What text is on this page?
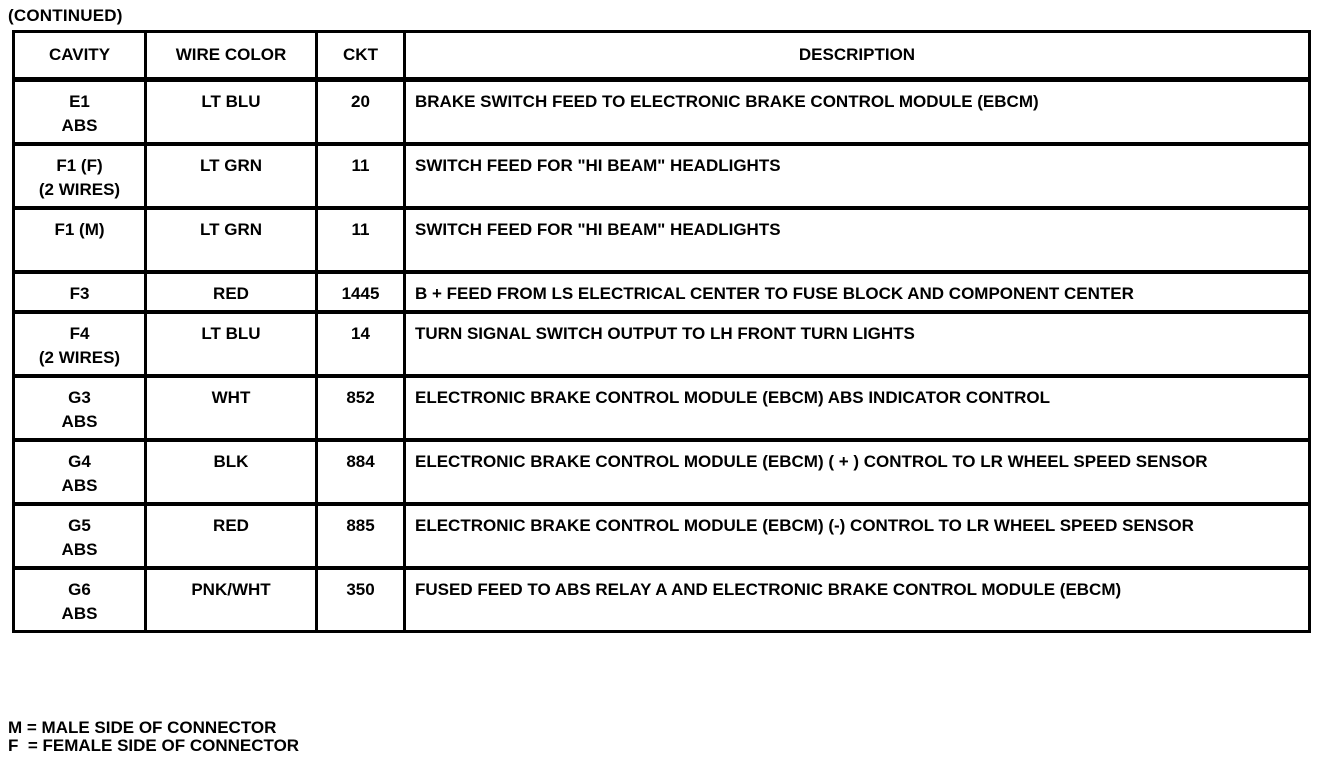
(CONTINUED)
CAVITY	WIRE COLOR	CKT	DESCRIPTION

E1
ABS	LT BLU	20	BRAKE SWITCH FEED TO ELECTRONIC BRAKE CONTROL MODULE (EBCM)

F1 (F)
(2 WIRES)	LT GRN	11	SWITCH FEED FOR "HI BEAM" HEADLIGHTS

F1 (M)	LT GRN	11	SWITCH FEED FOR "HI BEAM" HEADLIGHTS

F3	RED	1445	B + FEED FROM LS ELECTRICAL CENTER TO FUSE BLOCK AND COMPONENT CENTER

F4
(2 WIRES)	LT BLU	14	TURN SIGNAL SWITCH OUTPUT TO LH FRONT TURN LIGHTS

G3
ABS	WHT	852	ELECTRONIC BRAKE CONTROL MODULE (EBCM) ABS INDICATOR CONTROL

G4
ABS	BLK	884	ELECTRONIC BRAKE CONTROL MODULE (EBCM) ( + ) CONTROL TO LR WHEEL SPEED SENSOR

G5
ABS	RED	885	ELECTRONIC BRAKE CONTROL MODULE (EBCM) (-) CONTROL TO LR WHEEL SPEED SENSOR

G6
ABS	PNK/WHT	350	FUSED FEED TO ABS RELAY A AND ELECTRONIC BRAKE CONTROL MODULE (EBCM)
M = MALE SIDE OF CONNECTOR
F  = FEMALE SIDE OF CONNECTOR
